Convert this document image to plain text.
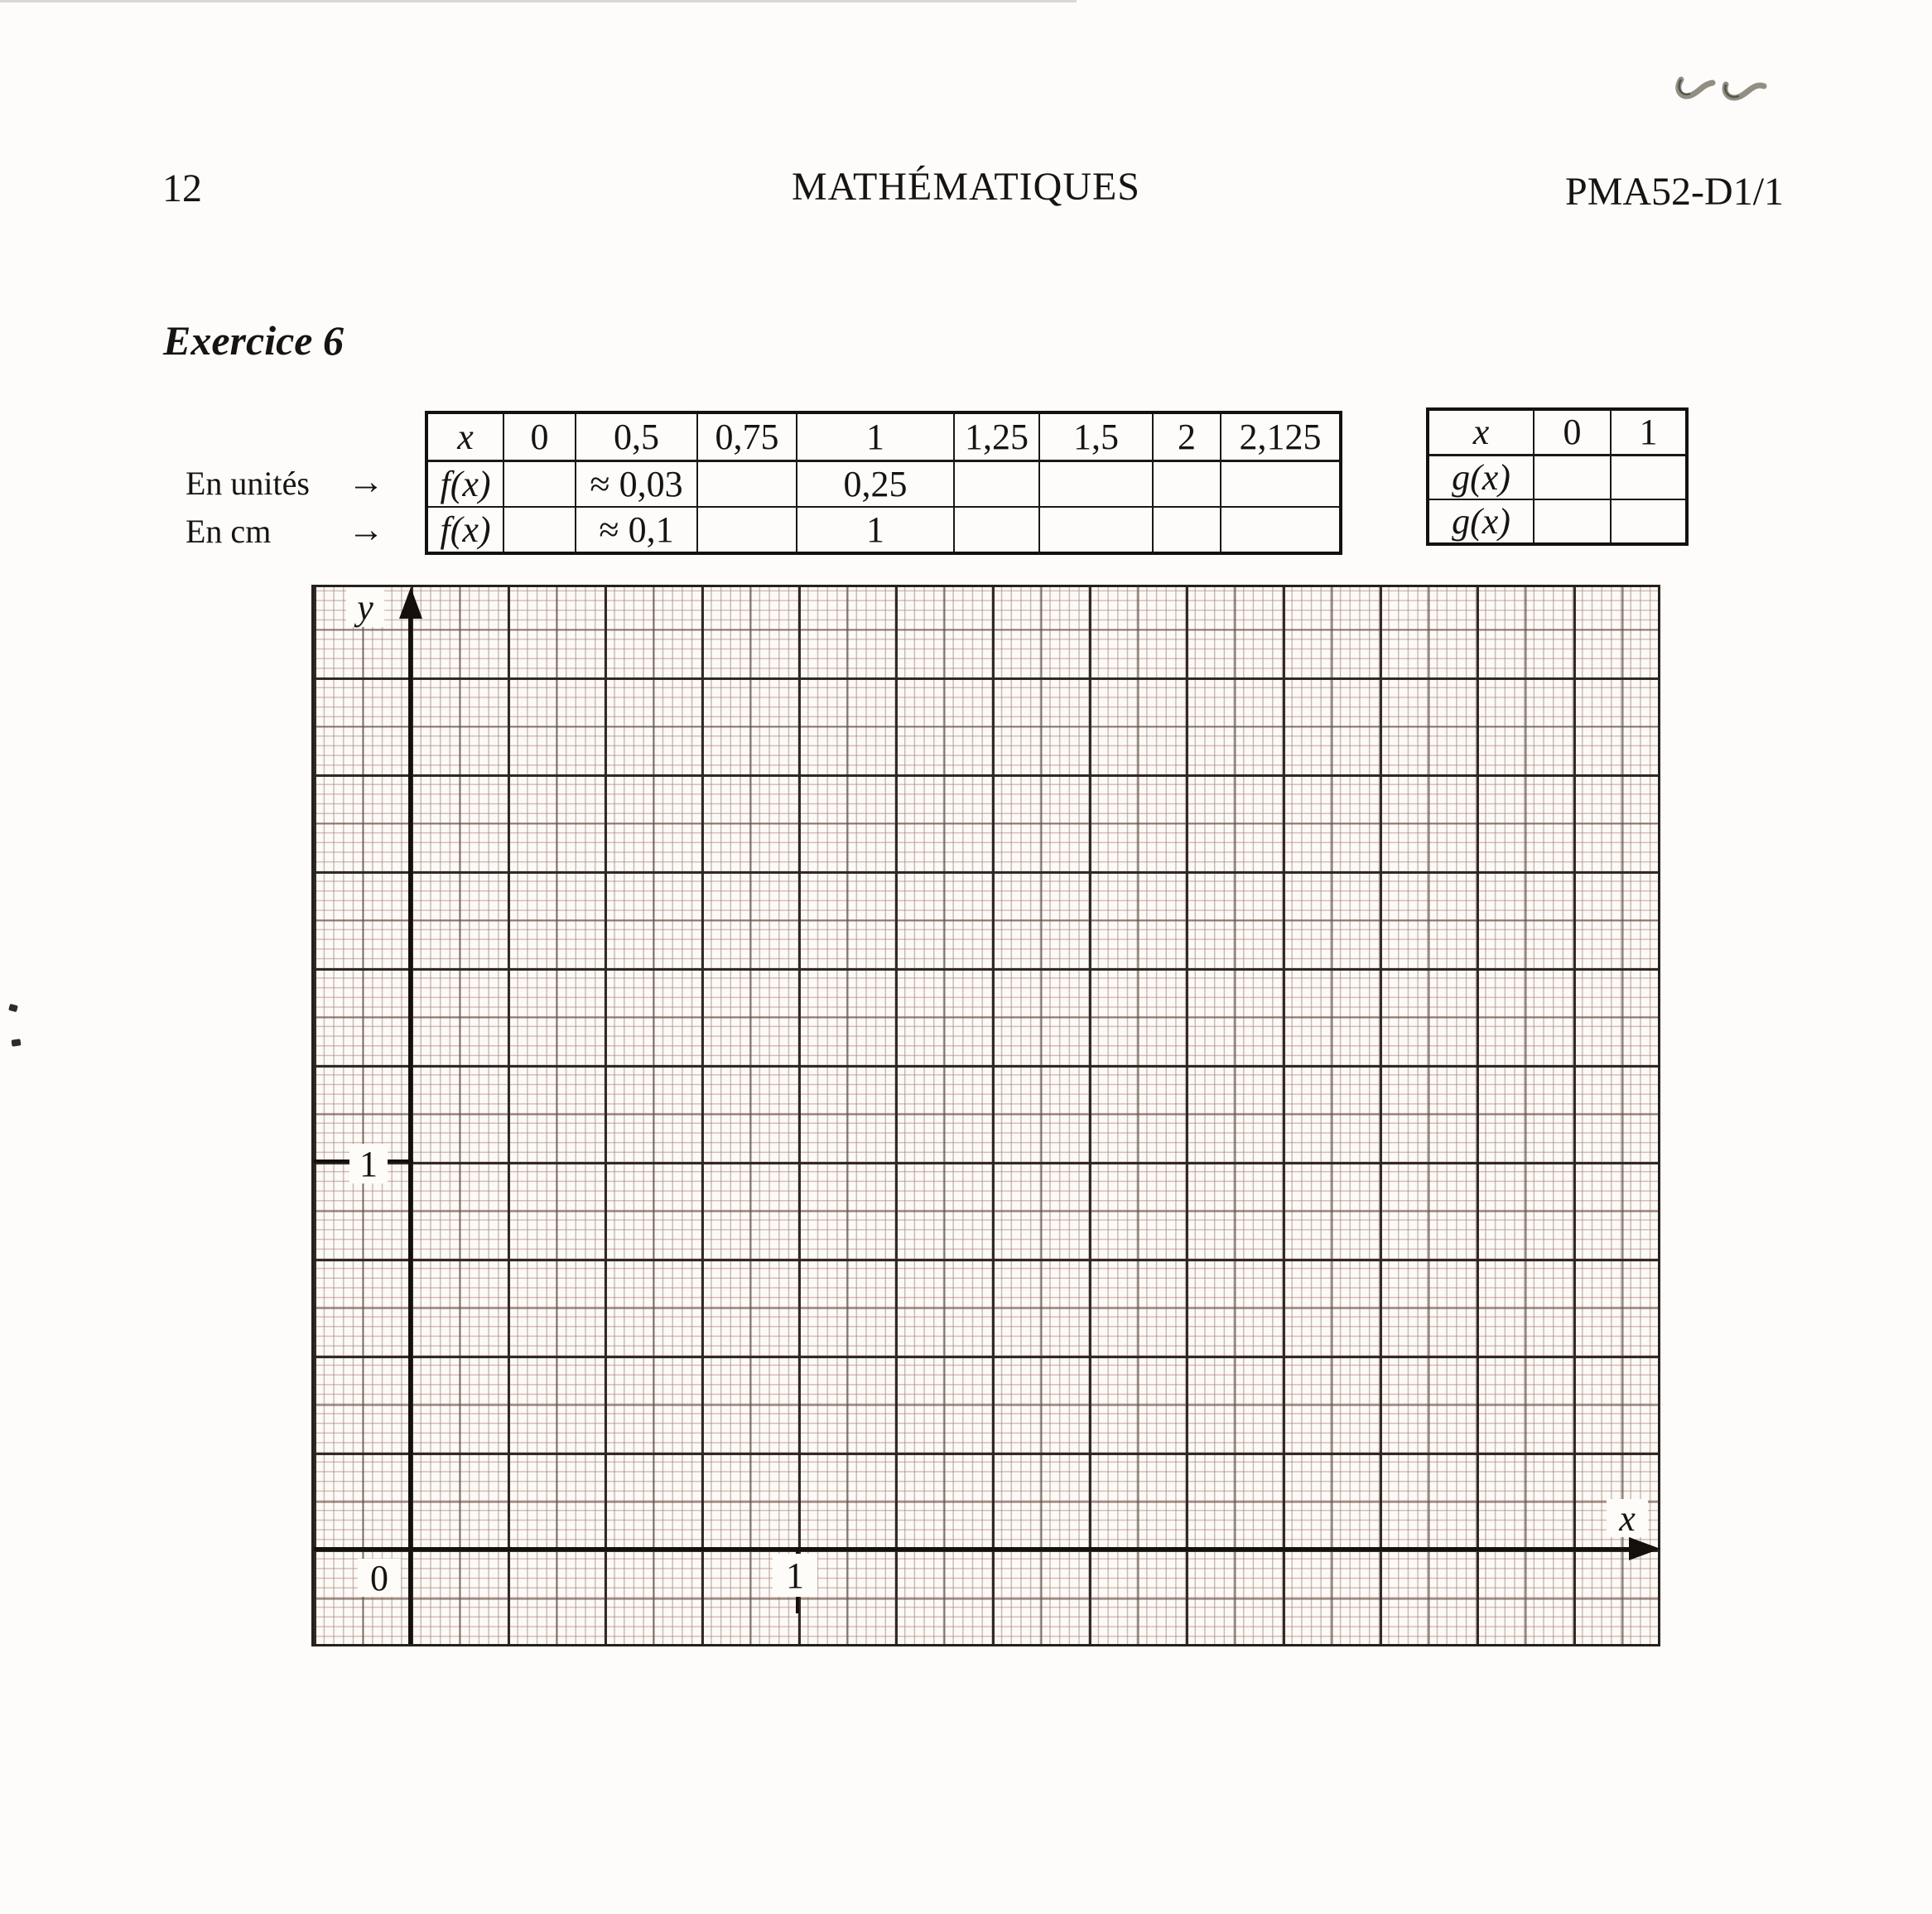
12	MATHÉMATIQUES	PMA52-D1/1
Exercice 6
En unités →
En cm →
x	0	0,5	0,75	1	1,25	1,5	2	2,125
f(x)		≈ 0,03		0,25				
f(x)		≈ 0,1		1				
x	0	1
g(x)		
g(x)		
y
x
0	1
1
